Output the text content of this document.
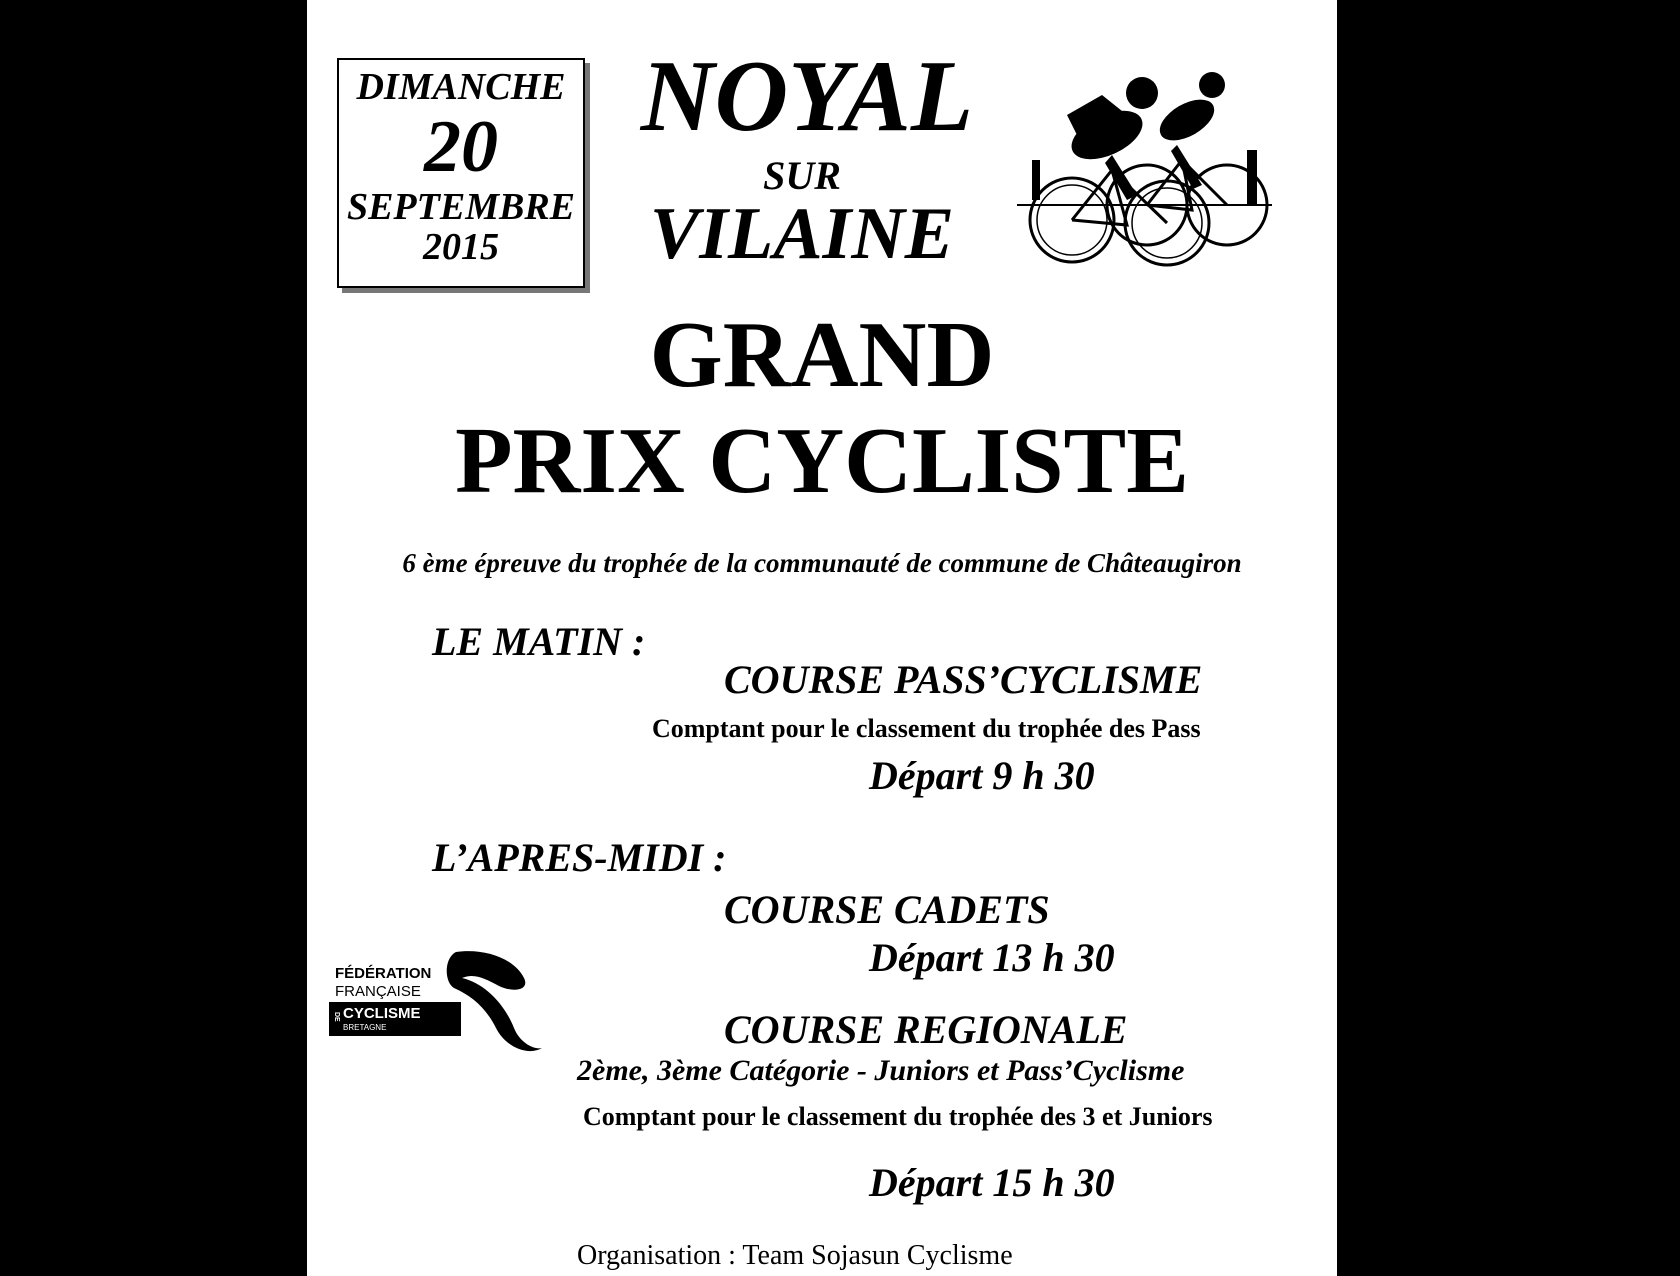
DIMANCHE
20
SEPTEMBRE
2015
NOYAL
SUR
VILAINE
GRAND
PRIX CYCLISTE
6 ème épreuve du trophée de la communauté de commune de Châteaugiron
LE MATIN :
COURSE PASS’CYCLISME
Comptant pour le classement du trophée des Pass
Départ 9 h 30
L’APRES-MIDI :
COURSE CADETS
Départ 13 h 30
FÉDÉRATION
FRANÇAISE
DE CYCLISME
BRETAGNE	COURSE REGIONALE
2ème, 3ème Catégorie - Juniors et Pass’Cyclisme
Comptant pour le classement du trophée des 3 et Juniors
Départ 15 h 30
Organisation : Team Sojasun Cyclisme
